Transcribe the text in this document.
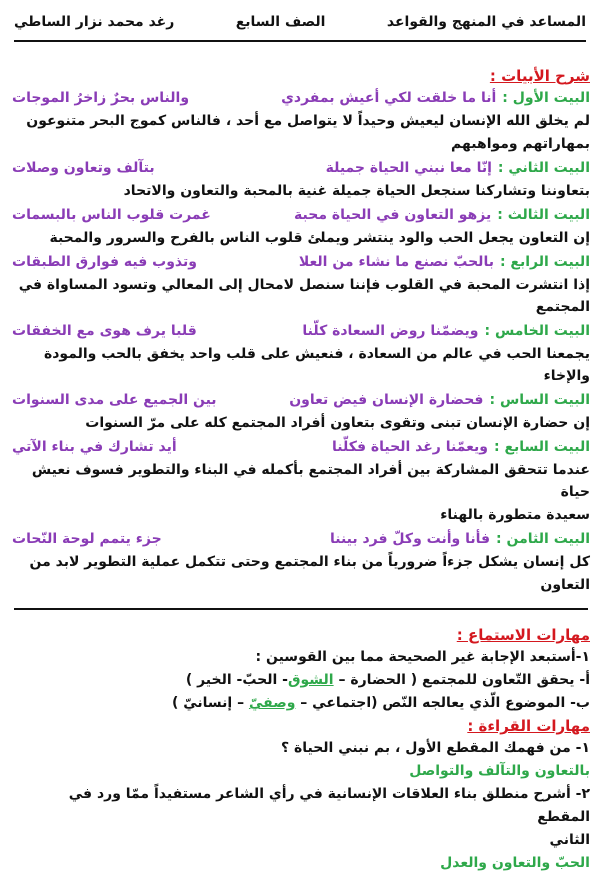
المساعد في المنهج والقواعد
الصف السابع
رغد محمد نزار الساطي
شرح الأبيات :
البيت الأول :
أنا ما خلقت لكي أعيش بمفردي
والناس بحرٌ زاخرُ الموجات
لم يخلق الله الإنسان ليعيش وحيداً لا يتواصل مع أحد ، فالناس كموج البحر متنوعون
بمهاراتهم ومواهبهم
البيت الثاني :
إنّا معا نبني الحياة جميلة
بتآلف وتعاون وصلات
بتعاوننا وتشاركنا سنجعل الحياة جميلة غنية بالمحبة والتعاون والاتحاد
البيت الثالث :
يزهو التعاون في الحياة محبة
غمرت قلوب الناس بالبسمات
إن التعاون يجعل الحب والود ينتشر ويملئ قلوب الناس بالفرح والسرور والمحبة
البيت الرابع :
بالحبّ نصنع ما نشاء من العلا
وتذوب فيه فوارق الطبقات
إذا انتشرت المحبة في القلوب فإننا سنصل لامحال إلى المعالي وتسود المساواة في المجتمع
البيت الخامس :
ويضمّنا روض السعادة كلّنا
قلبا يرف هوى مع الخفقات
يجمعنا الحب في عالم من السعادة ، فنعيش على قلب واحد يخفق بالحب والمودة والإخاء
البيت الساس :
فحضارة الإنسان فيض تعاون
بين الجميع على مدى السنوات
إن حضارة الإنسان تبنى وتقوى بتعاون أفراد المجتمع كله على مرّ السنوات
البيت السابع :
ويعمّنا رغد الحياة فكلّنا
أيد تشارك في بناء الآتي
عندما تتحقق المشاركة بين أفراد المجتمع بأكمله في البناء والتطوير فسوف نعيش حياة
سعيدة متطورة بالهناء
البيت الثامن :
فأنا وأنت وكلّ فرد بيننا
جزء يتمم لوحة النّحات
كل إنسان يشكل جزءاً ضرورياً من بناء المجتمع وحتى تتكمل عملية التطوير لابد من
التعاون
مهارات الاستماع :
١-أستبعد الإجابة غير الصحيحة مما بين القوسين :
أ- يحقق التّعاون للمجتمع ( الحضارة – الشوق- الحبّ- الخير )
ب- الموضوع الّذي يعالجه النّص (اجتماعي – وصفيّ – إنسانيّ )
مهارات القراءة :
١- من فهمك المقطع الأول ، بم نبني الحياة ؟
بالتعاون والتآلف والتواصل
٢- أشرح منطلق بناء العلاقات الإنسانية في رأي الشاعر مستفيداً ممّا ورد في المقطع
الثاني
الحبّ والتعاون والعدل
